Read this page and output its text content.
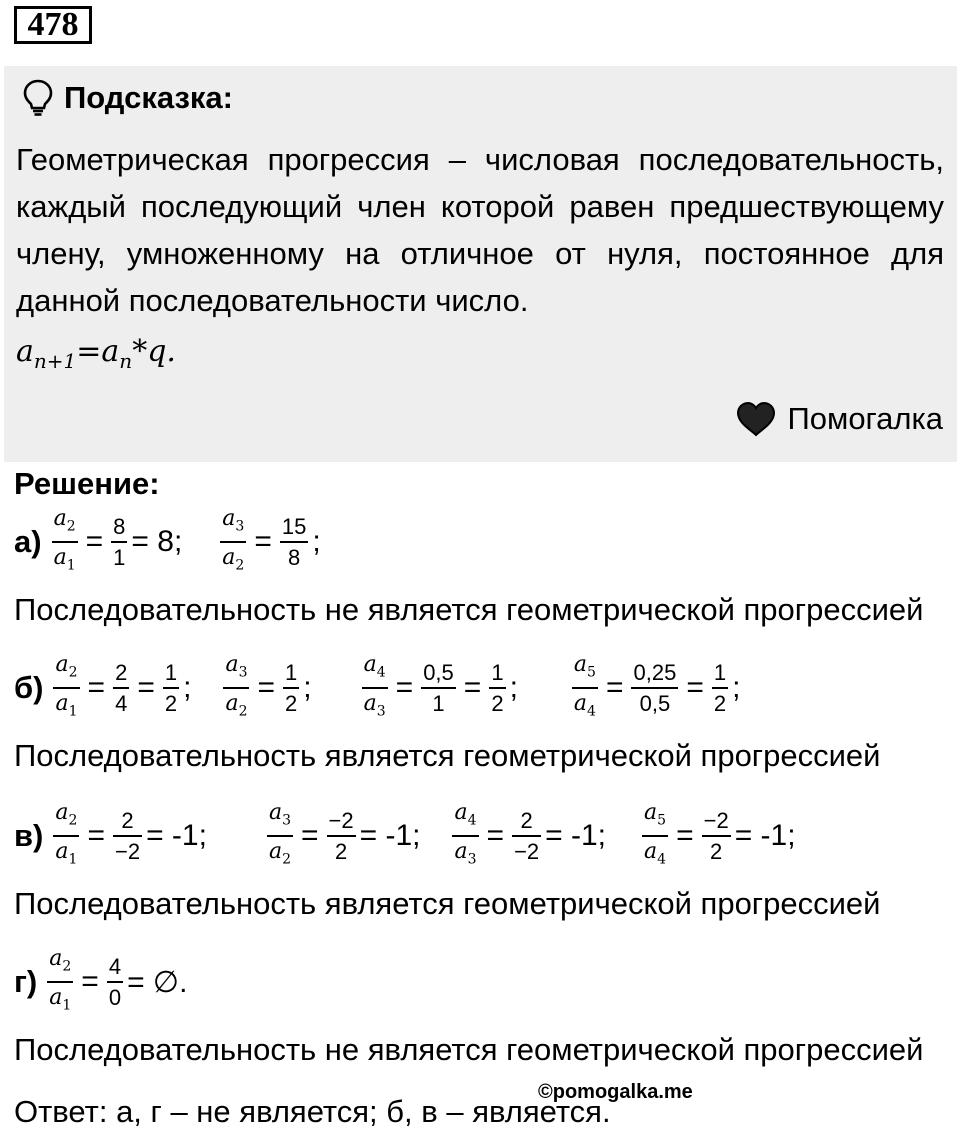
478
Подсказка:
Геометрическая прогрессия – числовая последовательность, каждый последующий член которой равен предшествующему члену, умноженному на отличное от нуля, постоянное для данной последовательности число.
$a_{n+1}=a_n*q$.
Помогалка
Решение:
$а) \frac{a_2}{a_1} = \frac{8}{1} = 8$; $\frac{a_3}{a_2} = \frac{15}{8}$ ;
Последовательность не является геометрической прогрессией
$б) \frac{a_2}{a_1} = \frac{2}{4} = \frac{1}{2}$ ; $\frac{a_3}{a_2} = \frac{1}{2}$ ; $\frac{a_4}{a_3} = \frac{0,5}{1} = \frac{1}{2}$ ; $\frac{a_5}{a_4} = \frac{0,25}{0,5} = \frac{1}{2}$ ;
Последовательность является геометрической прогрессией
$в) \frac{a_2}{a_1} = \frac{2}{-2} = -1$;	$\frac{a_3}{a_2} = \frac{-2}{2} = -1$; $\frac{a_4}{a_3} = \frac{2}{-2} = -1$; $\frac{a_5}{a_4} = \frac{-2}{2} = -1$;
Последовательность является геометрической прогрессией
$г) \frac{a_2}{a_1} = \frac{4}{0}$ = ∅.
Последовательность не является геометрической прогрессией
Ответ: а, г – не является; б, в – является.
©pomogalka.me
